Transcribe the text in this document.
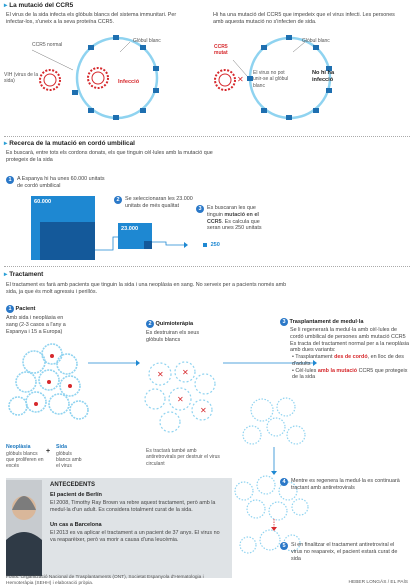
▸ La mutació del CCR5
El virus de la sida infecta els glòbuls blancs del sistema immunitari. Per infectar-los, s'uneix a la seva proteïna CCR5.
Hi ha una mutació del CCR5 que impedeix que el virus infecti. Les persones amb aquesta mutació no s'infecten de sida.
CCR5 normal
Glòbul blanc
VIH (virus de la sida)	Infecció	✕
CCR5 mutat
Glòbul blanc
El virus no pot unir-se al glòbul blanc
No hi ha infecció
▸ Recerca de la mutació en cordó umbilical
Es buscarà, entre tots els cordons donats, els que tinguin cèl·lules amb la mutació que protegeix de la sida
1 A Espanya hi ha unes 60.000 unitats de cordó umbilical
60.000	2 Se seleccionaran les 23.000 unitats de més qualitat
23.000
3 Es buscaran les que tinguin mutació en el CCR5. Es calcula que seran unes 250 unitats
250
▸ Tractament
El tractament es farà amb pacients que tinguin la sida i una neoplàsia en sang. No serveix per a pacients només amb sida, ja que és molt agressiu i perillós.
1 Pacient
Amb sida i neoplàsia en sang (2-3 casos a l'any a Espanya i 15 a Europa)
Neoplàsia
glòbuls blancs que proliferen en excés
+
Sida
glòbuls blancs amb el virus
2 Quimioteràpia
Es destruiran els seus glòbuls blancs
✕ ✕
✕
✕
Es tractarà també amb antiretrovirals per destruir el virus circulant
3 Trasplantament de medul·la
Se li regenerarà la medul·la amb cèl·lules de cordó umbilical de persones amb mutació CCR5
Es tracta del tractament normal per a la neoplàsia amb dues variants:
• Trasplantament des de cordó, en lloc de des d'adults
• Cèl·lules amb la mutació CCR5 que protegeix de la sida
4 Mentre es regenera la medul·la es continuarà tractant amb antiretrovirals
5 Si en finalitzar el tractament antiretroviral el virus no reapareix, el pacient estarà curat de sida
ANTECEDENTS
El pacient de Berlín
El 2008, Timothy Ray Brown va rebre aquest tractament, però amb la medul·la d'un adult. Es considera totalment curat de la sida.
Un cas a Barcelona
El 2013 es va aplicar el tractament a un pacient de 37 anys. El virus no va reaparèixer, però va morir a causa d'una leucèmia.
Fonts: Organització Nacional de Trasplantaments (ONT), Societat Espanyola d'Hematologia i Hemoteràpia (SEHH) i elaboració pròpia.	HEBER LONGÁS / EL PAÍS
